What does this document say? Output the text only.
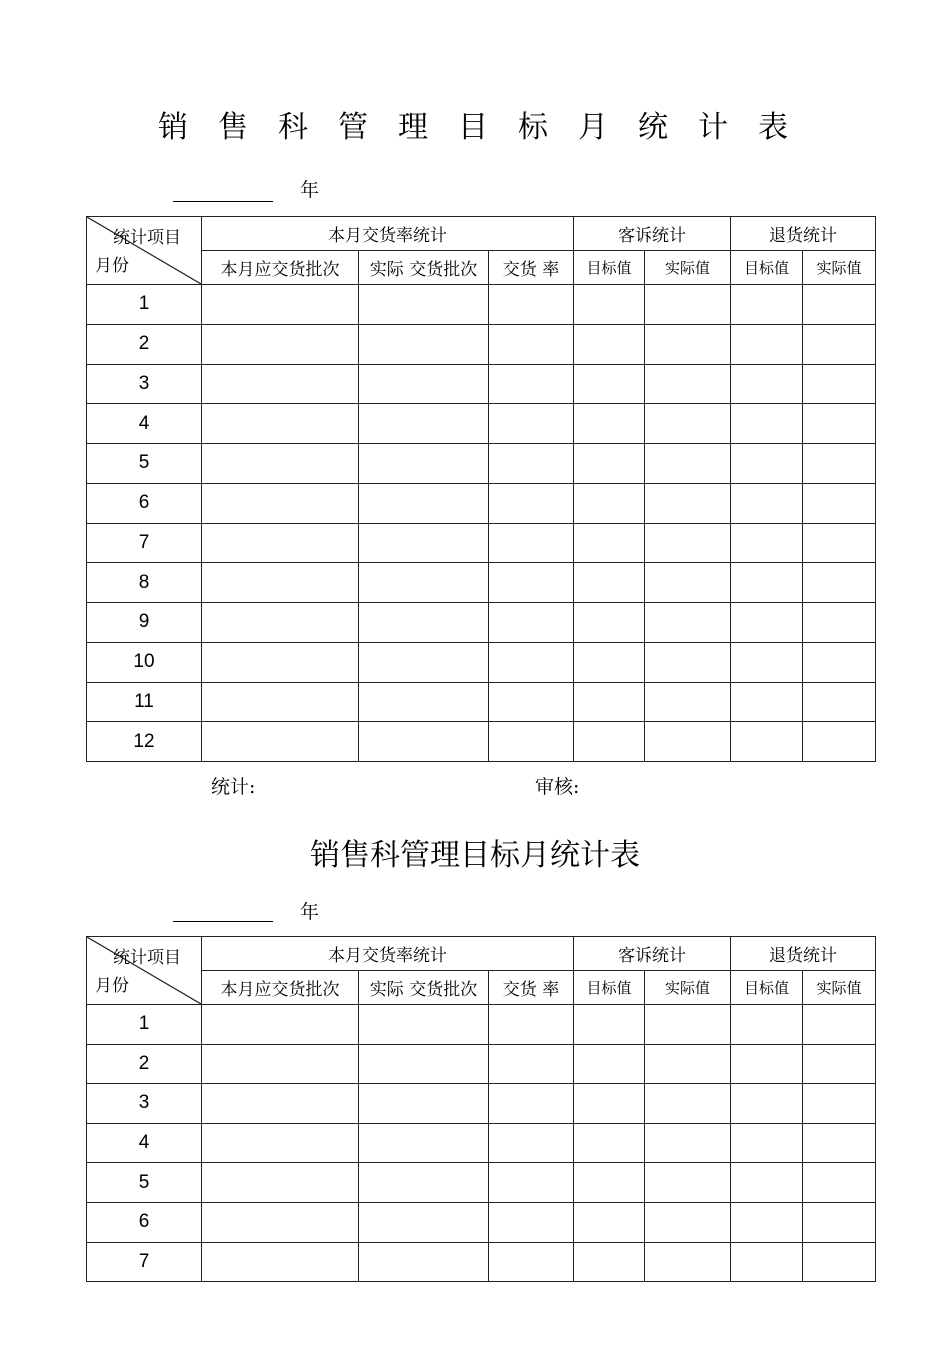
销售科管理目标月统计表
年
统计项目
月份	本月交货率统计			客诉统计		退货统计	
	本月应交货批次	实际 交货批次	交货 率	目标值	实际值	目标值	实际值
1							
2							
3							
4							
5							
6							
7							
8							
9							
10							
11							
12							
统计:	审核:
销售科管理目标月统计表
年
统计项目
月份	本月交货率统计			客诉统计		退货统计	
	本月应交货批次	实际 交货批次	交货 率	目标值	实际值	目标值	实际值
1							
2							
3							
4							
5							
6							
7							
